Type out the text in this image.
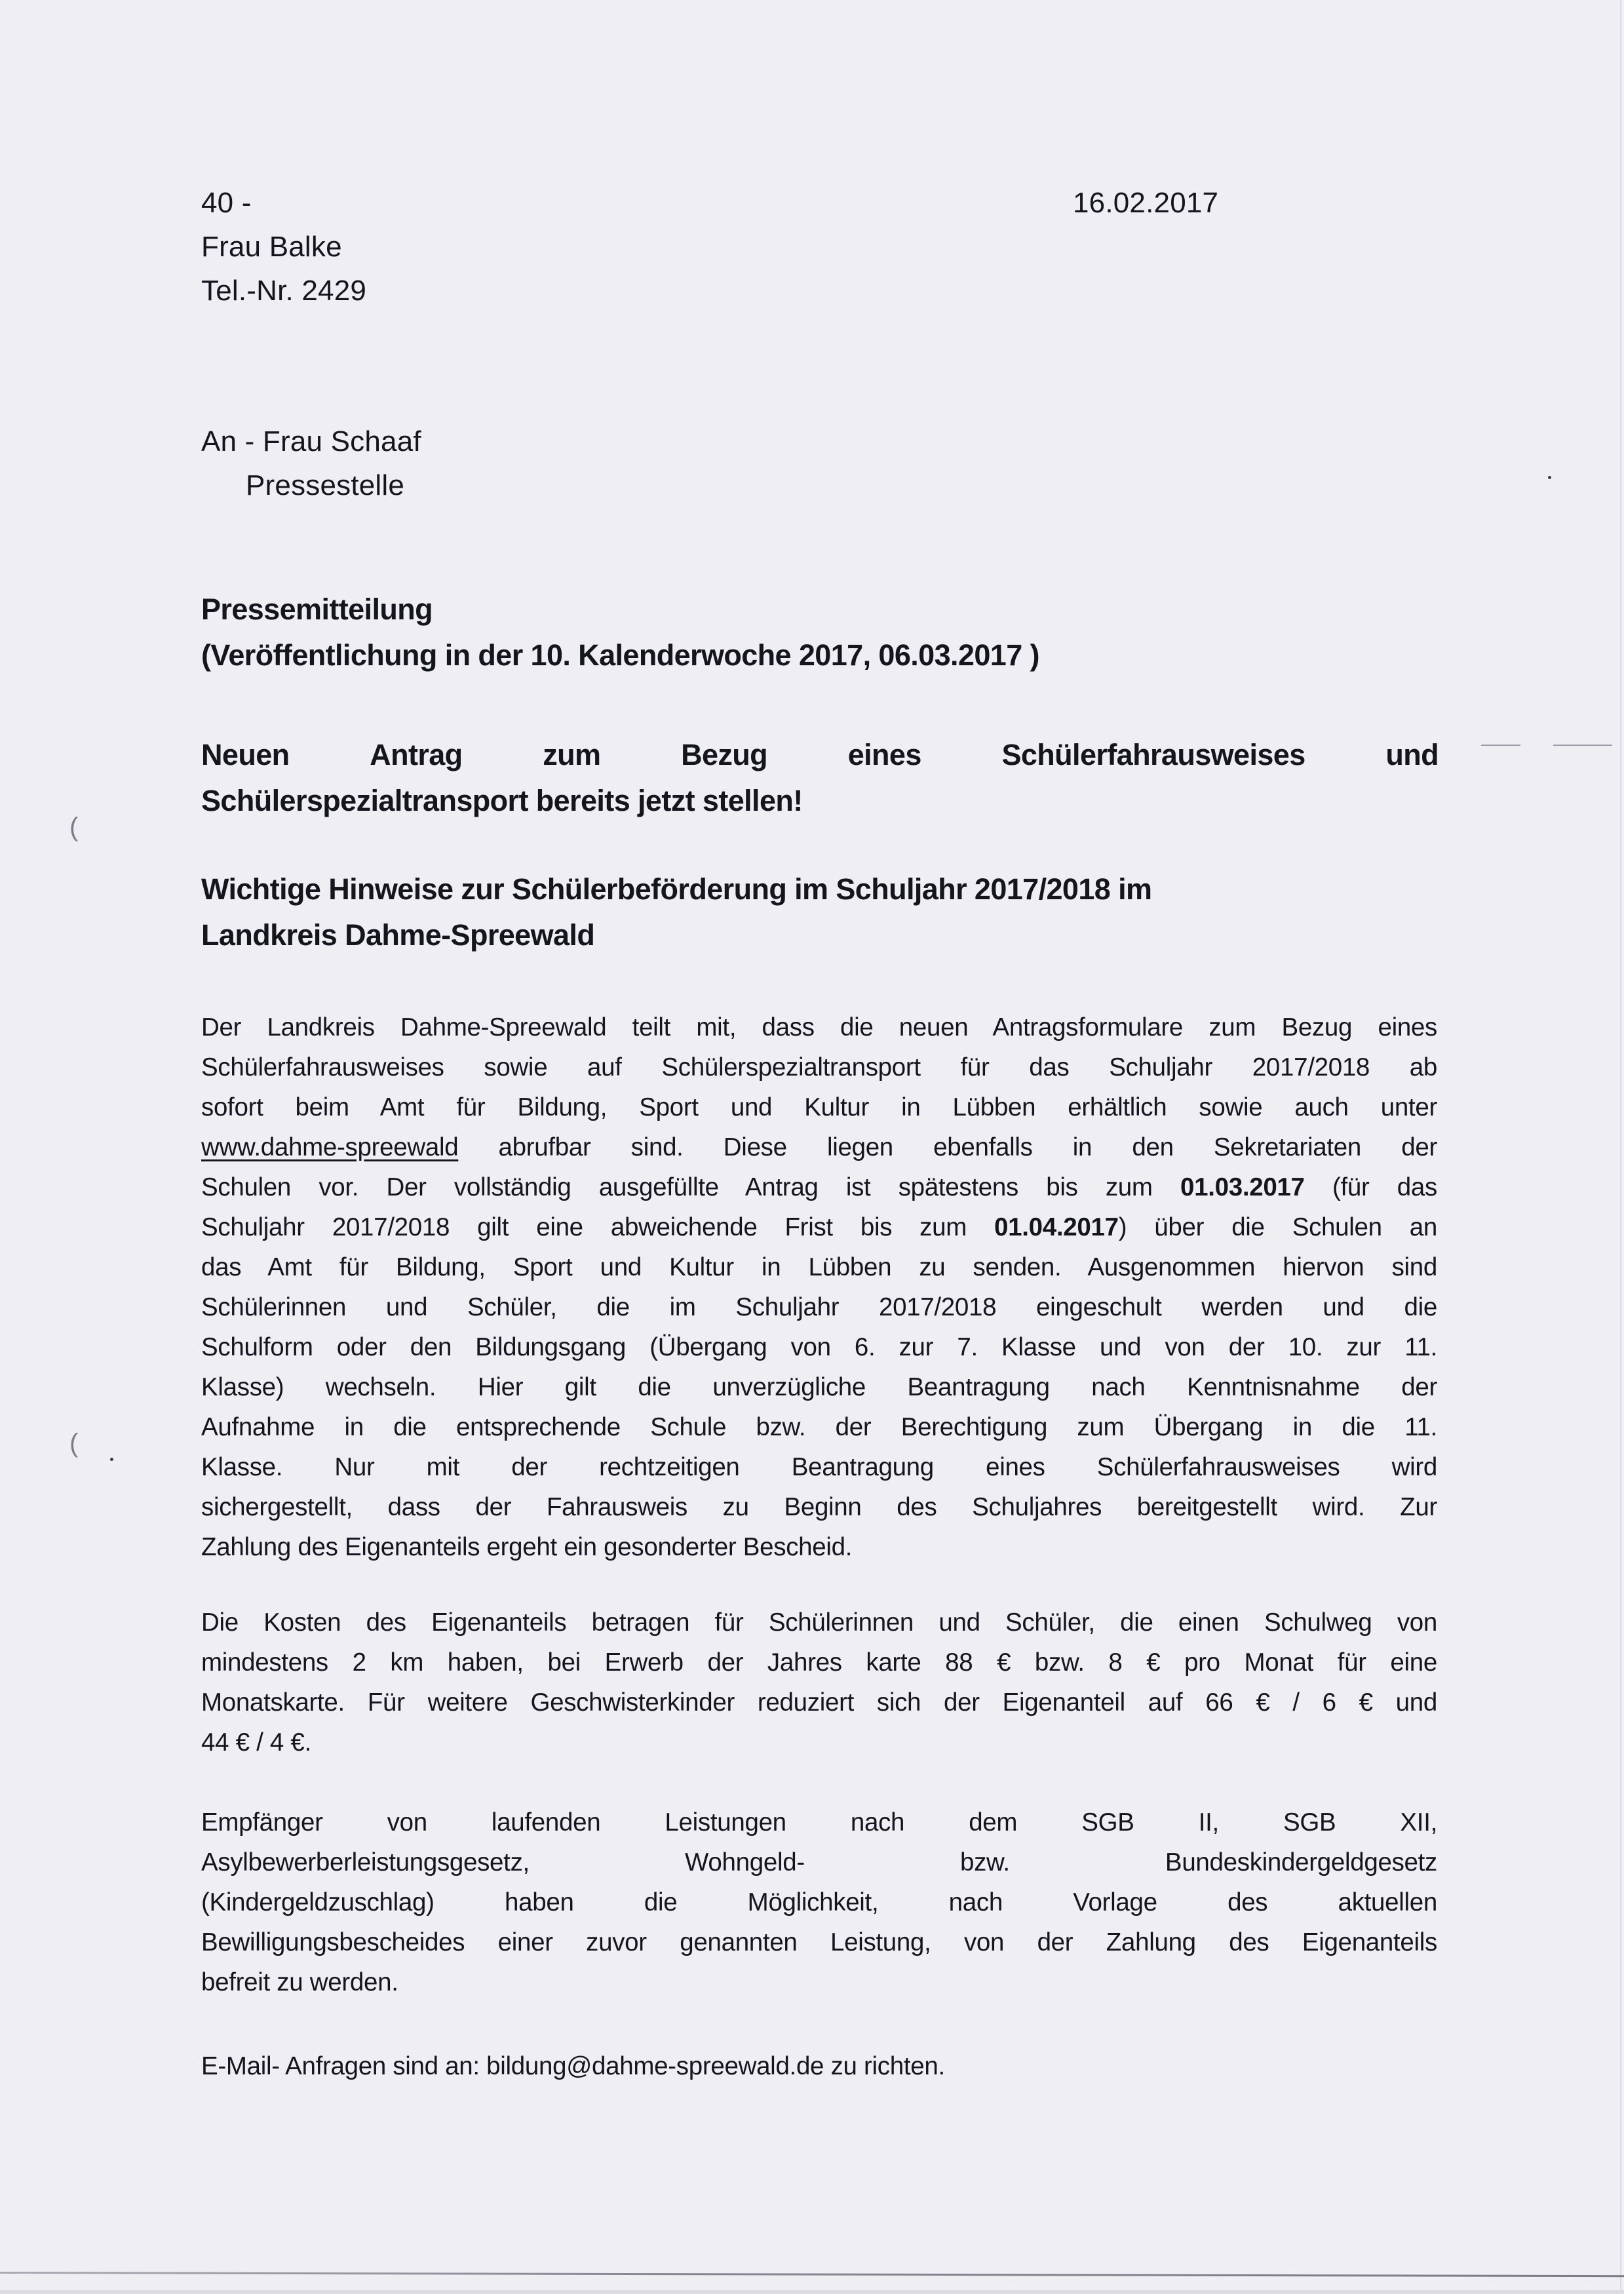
40 -
Frau Balke
Tel.-Nr. 2429
16.02.2017
An - Frau Schaaf
Pressestelle
Pressemitteilung
(Veröffentlichung in der 10. Kalenderwoche 2017, 06.03.2017 )
Neuen	Antrag	zum	Bezug	eines	Schülerfahrausweises	und
Schülerspezialtransport bereits jetzt stellen!
Wichtige Hinweise zur Schülerbeförderung im Schuljahr 2017/2018 im
Landkreis Dahme-Spreewald
Der Landkreis Dahme-Spreewald teilt mit, dass die neuen Antragsformulare zum Bezug eines
Schülerfahrausweises sowie auf Schülerspezialtransport für das Schuljahr 2017/2018 ab
sofort beim Amt für Bildung, Sport und Kultur in Lübben erhältlich sowie auch unter
www.dahme-spreewald abrufbar sind. Diese liegen ebenfalls in den Sekretariaten der
Schulen vor. Der vollständig ausgefüllte Antrag ist spätestens bis zum 01.03.2017 (für das
Schuljahr 2017/2018 gilt eine abweichende Frist bis zum 01.04.2017) über die Schulen an
das Amt für Bildung, Sport und Kultur in Lübben zu senden. Ausgenommen hiervon sind
Schülerinnen und Schüler, die im Schuljahr 2017/2018 eingeschult werden und die
Schulform oder den Bildungsgang (Übergang von 6. zur 7. Klasse und von der 10. zur 11.
Klasse) wechseln. Hier gilt die unverzügliche Beantragung nach Kenntnisnahme der
Aufnahme in die entsprechende Schule bzw. der Berechtigung zum Übergang in die 11.
Klasse. Nur mit der rechtzeitigen Beantragung eines Schülerfahrausweises wird
sichergestellt, dass der Fahrausweis zu Beginn des Schuljahres bereitgestellt wird. Zur
Zahlung des Eigenanteils ergeht ein gesonderter Bescheid.
Die Kosten des Eigenanteils betragen für Schülerinnen und Schüler, die einen Schulweg von
mindestens 2 km haben, bei Erwerb der Jahres karte 88 € bzw. 8 € pro Monat für eine
Monatskarte. Für weitere Geschwisterkinder reduziert sich der Eigenanteil auf 66 € / 6 € und
44 € / 4 €.
Empfänger von laufenden Leistungen nach dem SGB II, SGB XII,
Asylbewerberleistungsgesetz, Wohngeld- bzw. Bundeskindergeldgesetz
(Kindergeldzuschlag) haben die Möglichkeit, nach Vorlage des aktuellen
Bewilligungsbescheides einer zuvor genannten Leistung, von der Zahlung des Eigenanteils
befreit zu werden.
E-Mail- Anfragen sind an: bildung@dahme-spreewald.de zu richten.
(
(
